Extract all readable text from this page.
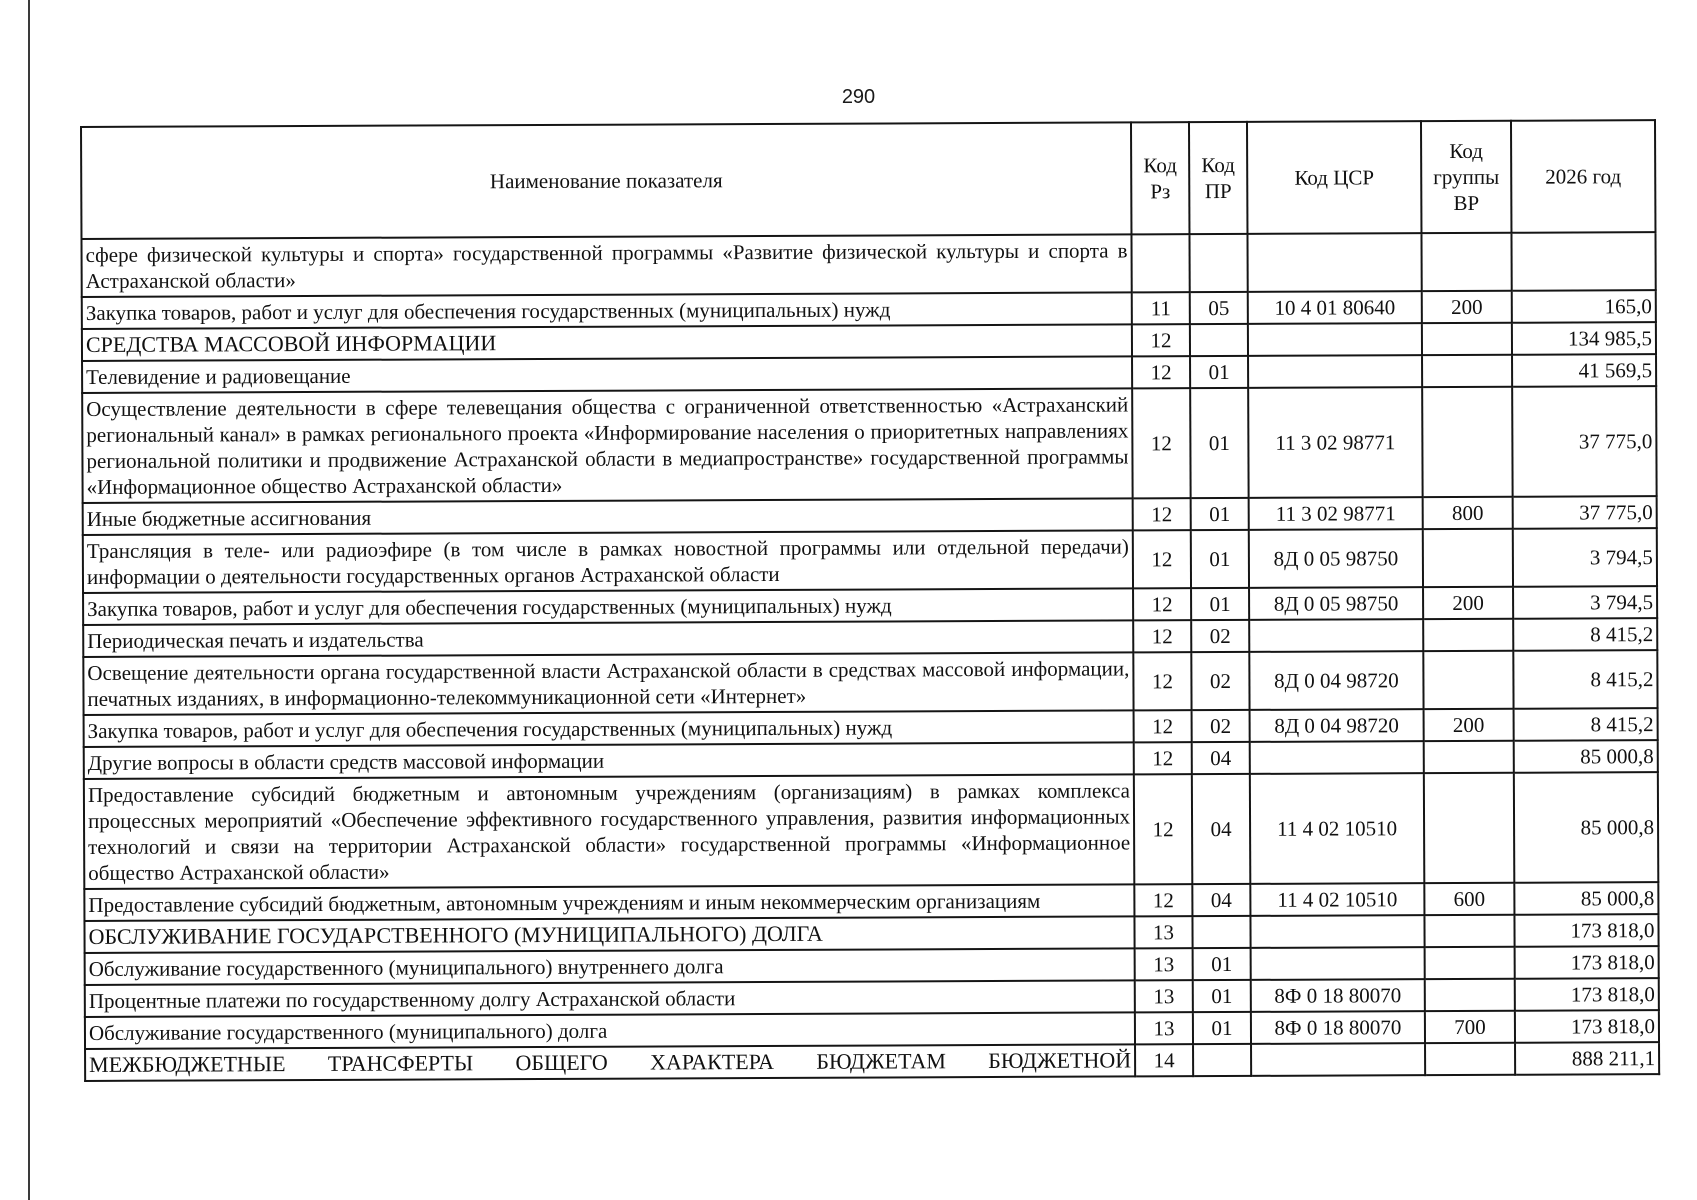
290
Наименование показателя	Код Рз	Код ПР	Код ЦСР	Код группы ВР	2026 год
сфере физической культуры и спорта» государственной программы «Развитие физической культуры и спорта в Астраханской области»					
Закупка товаров, работ и услуг для обеспечения государственных (муниципальных) нужд	11	05	10 4 01 80640	200	165,0
СРЕДСТВА МАССОВОЙ ИНФОРМАЦИИ	12				134 985,5
Телевидение и радиовещание	12	01			41 569,5
Осуществление деятельности в сфере телевещания общества с ограниченной ответственностью «Астраханский региональный канал» в рамках регионального проекта «Информирование населения о приоритетных направлениях региональной политики и продвижение Астраханской области в медиапространстве» государственной программы «Информационное общество Астраханской области»	12	01	11 3 02 98771		37 775,0
Иные бюджетные ассигнования	12	01	11 3 02 98771	800	37 775,0
Трансляция в теле- или радиоэфире (в том числе в рамках новостной программы или отдельной передачи) информации о деятельности государственных органов Астраханской области	12	01	8Д 0 05 98750		3 794,5
Закупка товаров, работ и услуг для обеспечения государственных (муниципальных) нужд	12	01	8Д 0 05 98750	200	3 794,5
Периодическая печать и издательства	12	02			8 415,2
Освещение деятельности органа государственной власти Астраханской области в средствах массовой информации, печатных изданиях, в информационно-телекоммуникационной сети «Интернет»	12	02	8Д 0 04 98720		8 415,2
Закупка товаров, работ и услуг для обеспечения государственных (муниципальных) нужд	12	02	8Д 0 04 98720	200	8 415,2
Другие вопросы в области средств массовой информации	12	04			85 000,8
Предоставление субсидий бюджетным и автономным учреждениям (организациям) в рамках комплекса процессных мероприятий «Обеспечение эффективного государственного управления, развития информационных технологий и связи на территории Астраханской области» государственной программы «Информационное общество Астраханской области»	12	04	11 4 02 10510		85 000,8
Предоставление субсидий бюджетным, автономным учреждениям и иным некоммерческим организациям	12	04	11 4 02 10510	600	85 000,8
ОБСЛУЖИВАНИЕ ГОСУДАРСТВЕННОГО (МУНИЦИПАЛЬНОГО) ДОЛГА	13				173 818,0
Обслуживание государственного (муниципального) внутреннего долга	13	01			173 818,0
Процентные платежи по государственному долгу Астраханской области	13	01	8Ф 0 18 80070		173 818,0
Обслуживание государственного (муниципального) долга	13	01	8Ф 0 18 80070	700	173 818,0
МЕЖБЮДЖЕТНЫЕ ТРАНСФЕРТЫ ОБЩЕГО ХАРАКТЕРА БЮДЖЕТАМ БЮДЖЕТНОЙ	14				888 211,1
